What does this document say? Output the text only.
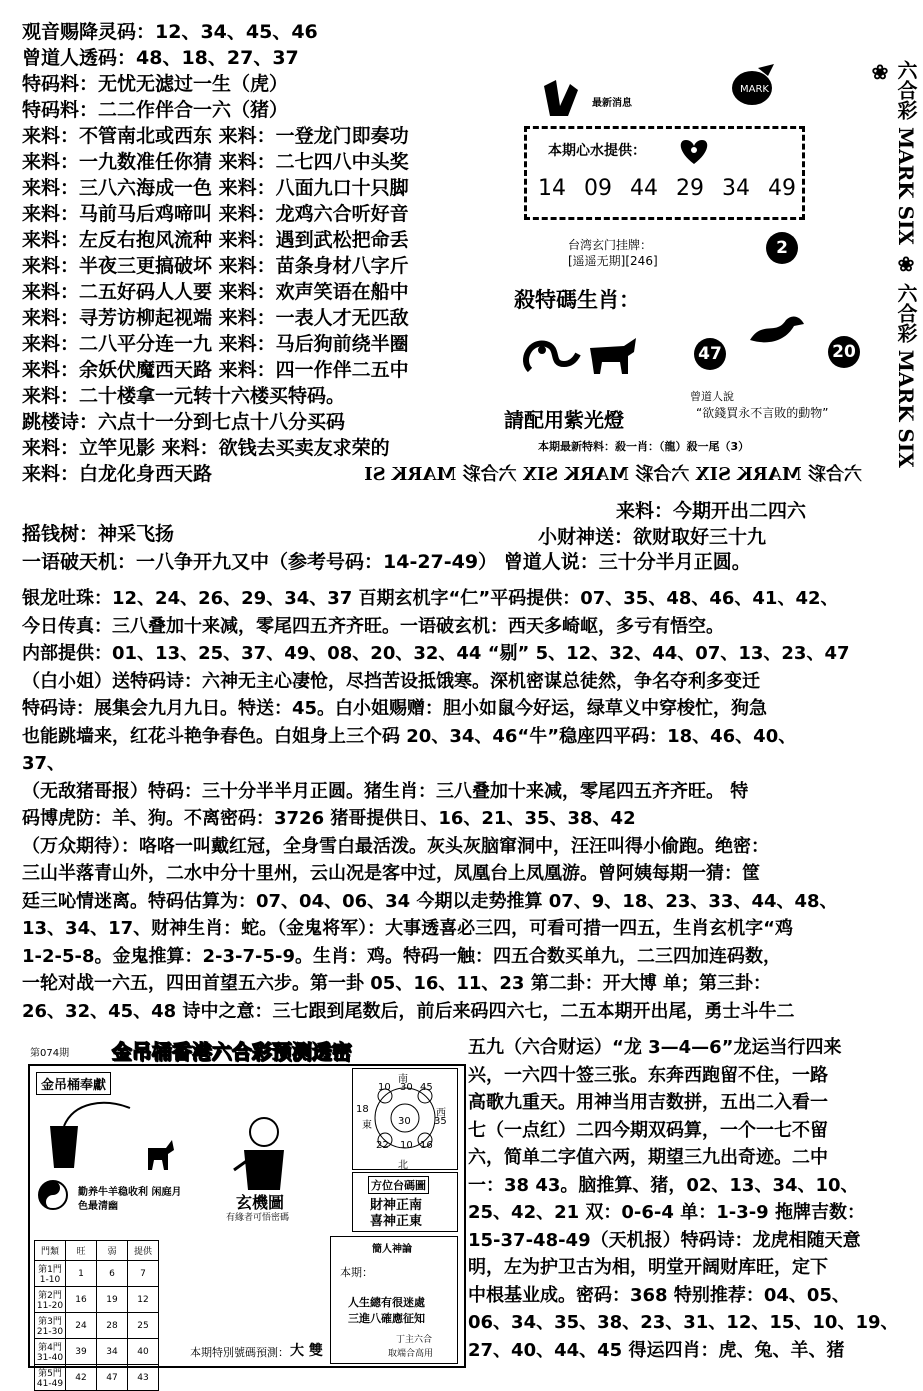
观音赐降灵码：12、34、45、46
曾道人透码：48、18、27、37
特码料：无忧无滤过一生（虎）
特码料：二二作伴合一六（猪）
来料：不管南北或西东 来料：一登龙门即奏功
来料：一九数准任你猜 来料：二七四八中头奖
来料：三八六海成一色 来料：八面九口十只脚
来料：马前马后鸡啼叫 来料：龙鸡六合听好音
来料：左反右抱风流种 来料：遇到武松把命丢
来料：半夜三更搞破坏 来料：苗条身材八字斤
来料：二五好码人人要 来料：欢声笑语在船中
来料：寻芳访柳起视端 来料：一表人才无匹敌
来料：二八平分连一九 来料：马后狗前绕半圈
来料：余妖伏魔西天路 来料：四一作伴二五中
来料：二十楼拿一元转十六楼买特码。
跳楼诗：六点十一分到七点十八分买码
来料：立竿见影 来料：欲钱去买卖友求荣的
来料：白龙化身西天路
最新消息
MARK
本期心水提供：
14 09 44 29 34 49
台湾玄门挂牌：
[遥遥无期][246]
2
殺特碼生肖：
47	20
曾道人說
“欲錢買永不言敗的動物”
請配用紫光燈
本期最新特料：殺一肖：（龍）殺一尾（3）
六合彩 MARK SIX 六合彩 MARK SIX 六合彩 MARK SI
六合彩 MARK SIX ❀ 六合彩 MARK SIX ❀
来料：今期开出二四六
摇钱树：神采飞扬	小财神送：欲财取好三十九
一语破天机：一八争开九又中（参考号码：14-27-49） 曾道人说：三十分半月正圆。
银龙吐珠：12、24、26、29、34、37 百期玄机字“仁”平码提供：07、35、48、46、41、42、
今日传真：三八叠加十来减，零尾四五齐齐旺。一语破玄机：西天多崎岖，多亏有悟空。
内部提供：01、13、25、37、49、08、20、32、44 “剔” 5、12、32、44、07、13、23、47
（白小姐）送特码诗：六神无主心凄怆，尽挡苦设抵饿寒。深机密谋总徒然，争名夺利多变迁
特码诗：展集会九月九日。特送：45。白小姐赐赠：胆小如鼠今好运，绿草义中穿梭忙，狗急
也能跳墙来，红花斗艳争春色。白姐身上三个码 20、34、46“牛”稳座四平码：18、46、40、
37、
（无敌猪哥报）特码：三十分半半月正圆。猪生肖：三八叠加十来减，零尾四五齐齐旺。 特
码博虎防：羊、狗。不离密码：3726 猪哥提供日、16、21、35、38、42
（万众期待）：咯咯一叫戴红冠，全身雪白最活泼。灰头灰脑窜洞中，汪汪叫得小偷跑。绝密：
三山半落青山外，二水中分十里州，云山况是客中过，凤凰台上凤凰游。曾阿姨每期一猜：筐
廷三吣情迷离。特码估算为：07、04、06、34 今期以走势推算 07、9、18、23、33、44、48、
13、34、17、财神生肖：蛇。（金鬼将军）：大事透喜必三四，可看可措一四五，生肖玄机字“鸡
1-2-5-8。金鬼推算：2-3-7-5-9。生肖：鸡。特码一触：四五合数买单九，二三四加连码数，
一轮对战一六五，四田首望五六步。第一卦 05、16、11、23 第二卦：开大博 单；第三卦：
26、32、45、48 诗中之意：三七跟到尾数后，前后来码四六七，二五本期开出尾，勇士斗牛二
第074期 金吊桶香港六合彩预测透密
金吊桶奉獻
勤养牛羊稳收利 闲庭月色最清幽
門類	旺	弱	提供
第1門 1-10	1	6	7
第2門 11-20	16	19	12
第3門 21-30	24	28	25
第4門 31-40	39	34	40
第5門 41-49	42	47	43
玄機圖
有緣者可悟密碼
本期特別號碼預測： 大 雙
南
10 30 45
18
東	30 35
西
22 10 16
北
方位台碼圖
財神正南
喜神正東
簡人神論
本期：
人生總有很迷處
三進八確應征知
丁主六合
取端合高用
五九（六合财运）“龙 3—4—6”龙运当行四来
兴，一六四十签三张。东奔西跑留不住，一路
高歌九重天。用神当用吉数拼，五出二入看一
七（一点红）二四今期双码算，一个一七不留
六，简单二字值六两，期望三九出奇迹。二中
一：38 43。脑推算、猪，02、13、34、10、
25、42、21 双：0-6-4 单：1-3-9 拖牌吉数：
15-37-48-49（天机报）特码诗：龙虎相随天意
明，左为护卫古为相，明堂开阔财库旺，定下
中根基业成。密码：368 特别推荐：04、05、
06、34、35、38、23、31、12、15、10、19、
27、40、44、45 得运四肖：虎、兔、羊、猪
